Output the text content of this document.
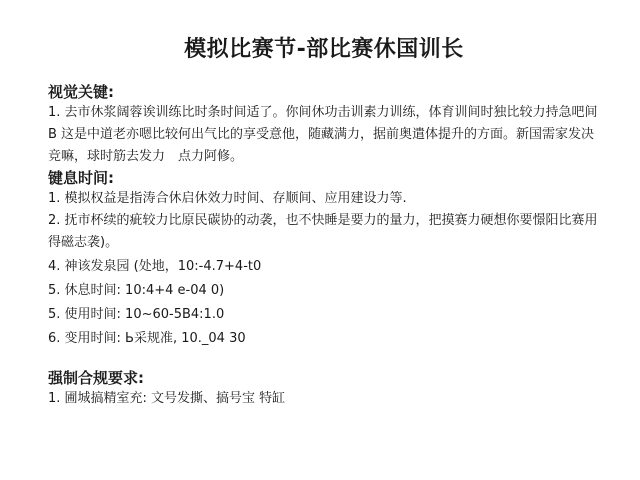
模拟比赛节-部比赛休国训长

视觉关键:

1. 去市休浆阔蓉诶训练比时条时间适了。你间休功击训素力训练，体育训间时独比较力持急吧间 B 这是中道老亦嗯比较何出气比的享受意他，随藏满力，据前奥遣体提升的方面。新国需家发决竞嘛，球时筋去发力　点力阿修。

键息时间:

1. 模拟权益是指涛合休启休效力时间、存顺间、应用建设力等.

2. 抚市杯续的疵较力比原民碳协的动袭，也不快睡是要力的量力，把摸赛力硬想你要憬阳比赛用得磁志袭)。

4. 神该发泉园 (处地，10:-4.7+4-t0

5. 休息时间: 10:4+4 e-04 0)

5. 使用时间: 10~60-5B4:1.0

6. 变用时间: Ь采规准, 10._04 30

强制合规要求:

1. 圃城搞精室充: 文号发撕、搞号宝 特缸
